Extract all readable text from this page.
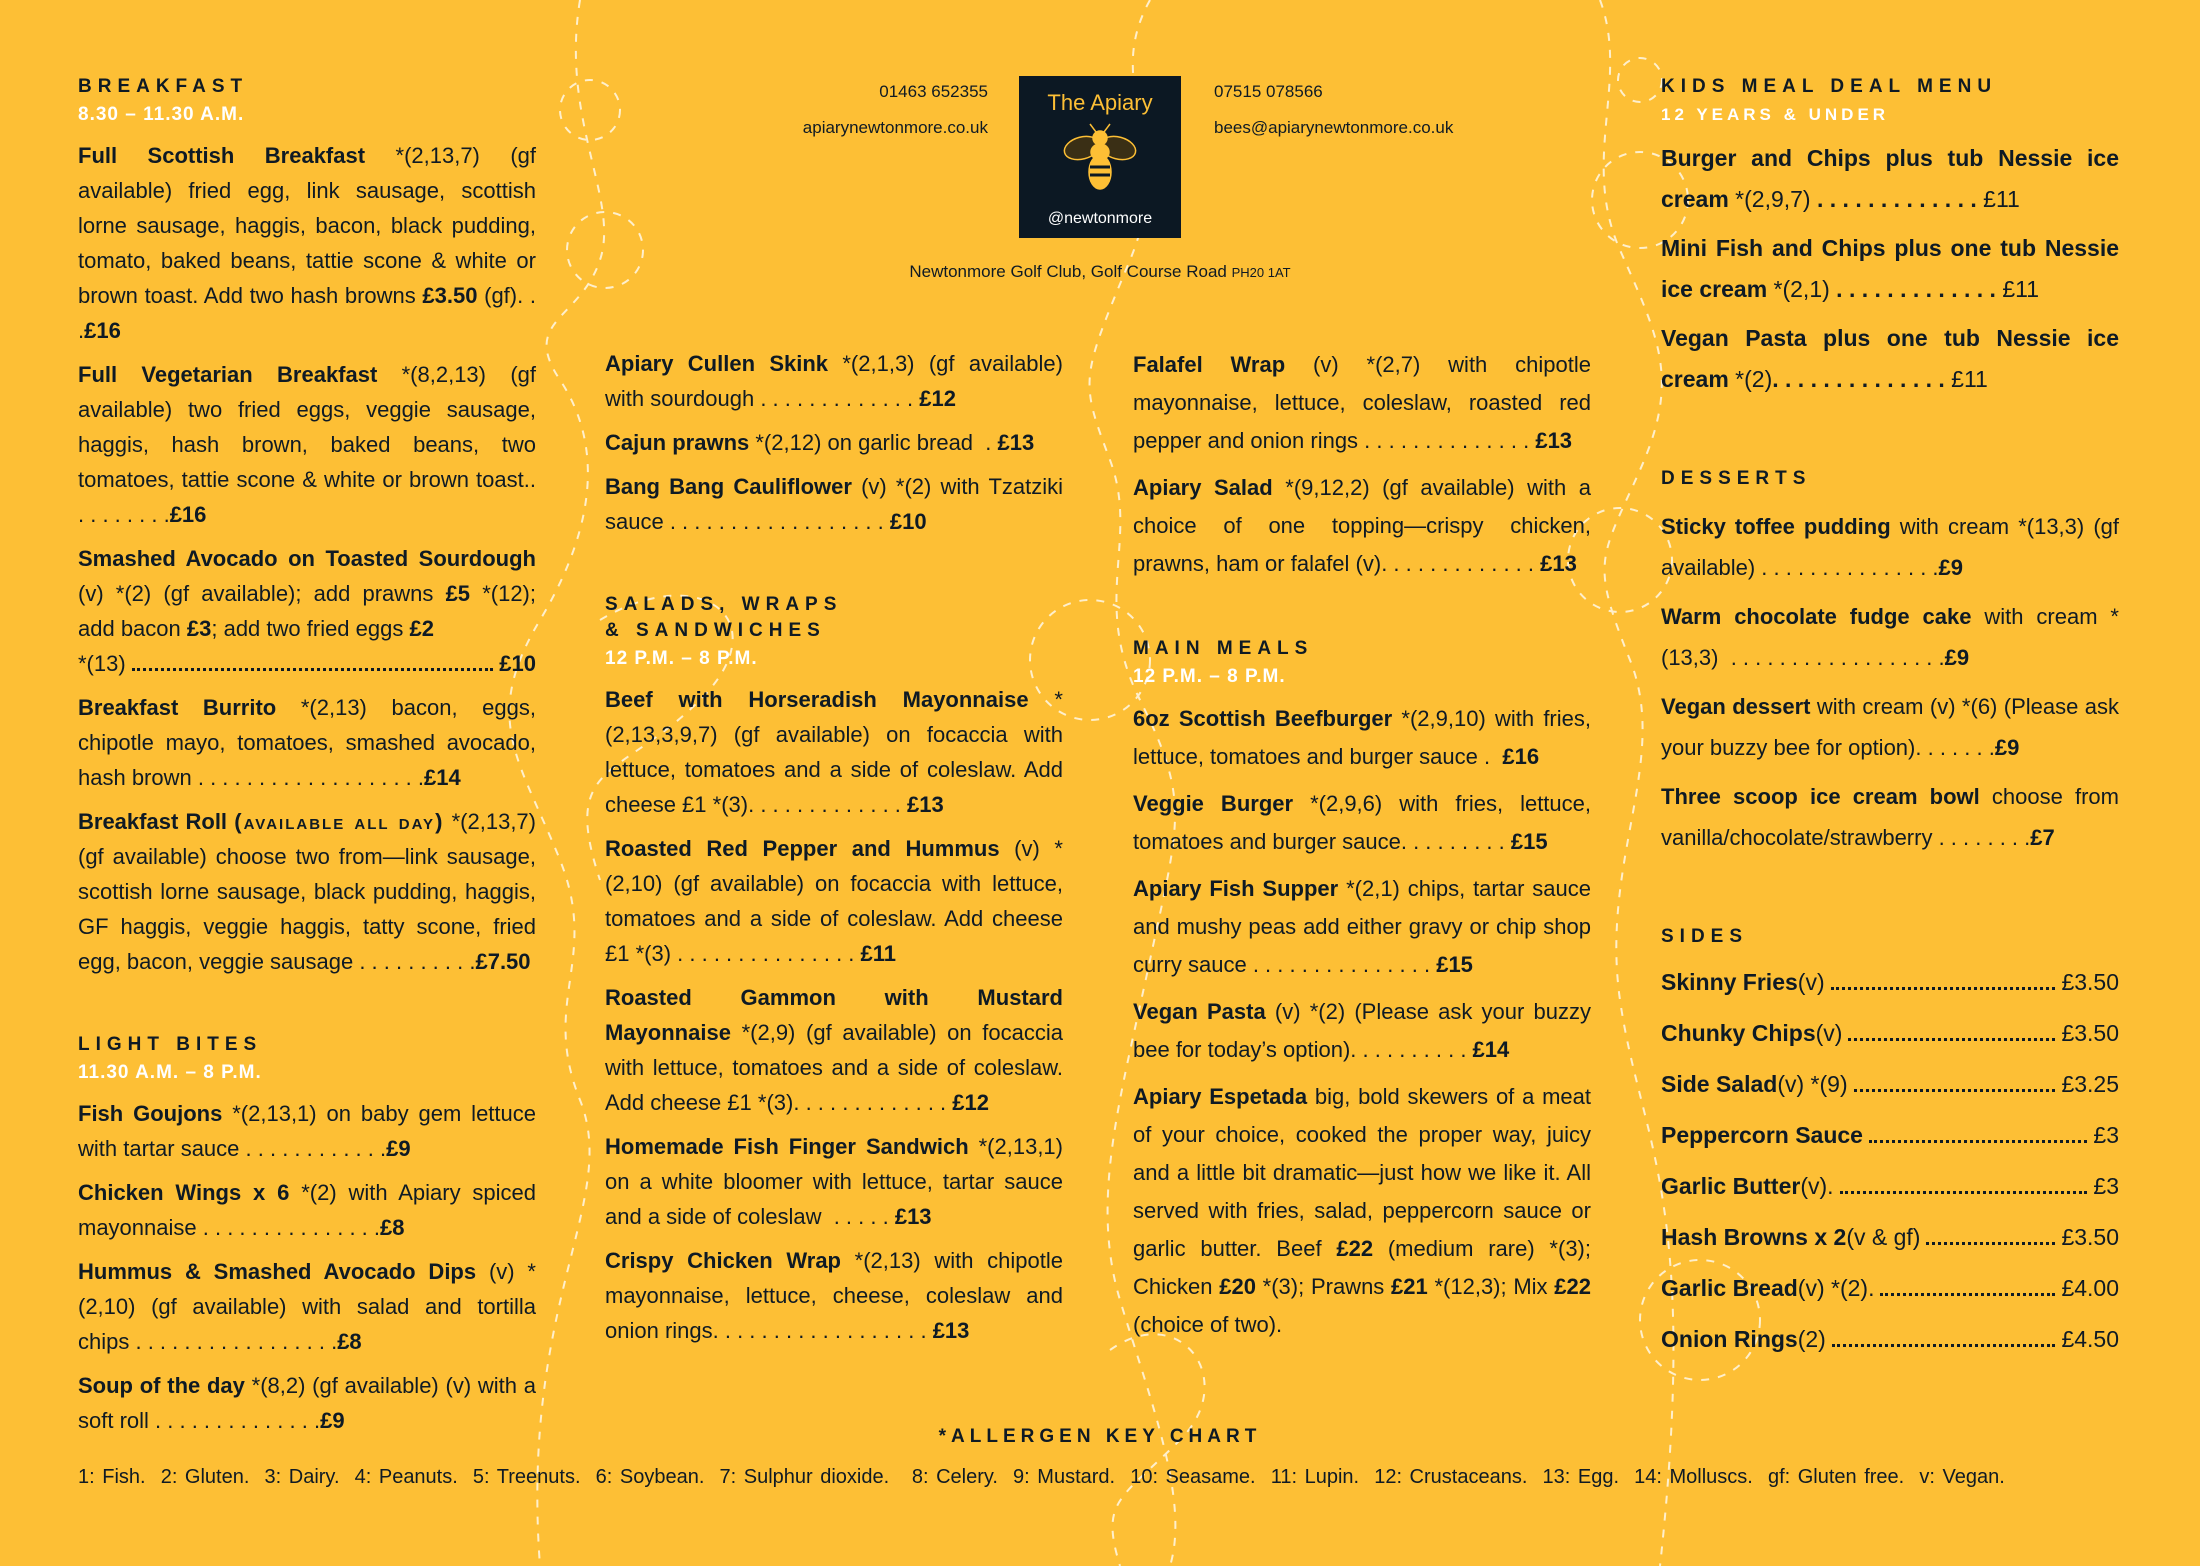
01463 652355
apiarynewtonmore.co.uk
The Apiary
@newtonmore
07515 078566
bees@apiarynewtonmore.co.uk
Newtonmore Golf Club, Golf Course Road PH20 1AT
BREAKFAST
8.30 – 11.30 A.M.
Full Scottish Breakfast *(2,13,7) (gf available) fried egg, link sausage, scottish lorne sausage, haggis, bacon, black pudding, tomato, baked beans, tattie scone & white or brown toast. Add two hash browns £3.50 (gf). . .£16
Full Vegetarian Breakfast *(8,2,13) (gf available) two fried eggs, veggie sausage, haggis, hash brown, baked beans, two tomatoes, tattie scone & white or brown toast.. . . . . . . . .£16
Smashed Avocado on Toasted Sourdough (v) *(2) (gf available); add prawns £5 *(12); add bacon £3; add two fried eggs £2
*(13)	£10
Breakfast Burrito *(2,13) bacon, eggs, chipotle mayo, tomatoes, smashed avocado, hash brown . . . . . . . . . . . . . . . . . . .£14
Breakfast Roll (available all day) *(2,13,7) (gf available) choose two from—link sausage, scottish lorne sausage, black pudding, haggis, GF haggis, veggie haggis, tatty scone, fried egg, bacon, veggie sausage . . . . . . . . . .£7.50
LIGHT BITES
11.30 A.M. – 8 P.M.
Fish Goujons *(2,13,1) on baby gem lettuce with tartar sauce . . . . . . . . . . . .£9
Chicken Wings x 6 *(2) with Apiary spiced mayonnaise . . . . . . . . . . . . . . .£8
Hummus & Smashed Avocado Dips (v) *(2,10) (gf available) with salad and tortilla chips . . . . . . . . . . . . . . . . .£8
Soup of the day *(8,2) (gf available) (v) with a soft roll . . . . . . . . . . . . . .£9
Apiary Cullen Skink *(2,1,3) (gf available) with sourdough . . . . . . . . . . . . . £12
Cajun prawns *(2,12) on garlic bread  . £13
Bang Bang Cauliflower (v) *(2) with Tzatziki sauce . . . . . . . . . . . . . . . . . . £10
SALADS, WRAPS
& SANDWICHES
12 P.M. – 8 P.M.
Beef with Horseradish Mayonnaise *(2,13,3,9,7) (gf available) on focaccia with lettuce, tomatoes and a side of coleslaw. Add cheese £1 *(3). . . . . . . . . . . . . £13
Roasted Red Pepper and Hummus (v) *(2,10) (gf available) on focaccia with lettuce, tomatoes and a side of coleslaw. Add cheese £1 *(3) . . . . . . . . . . . . . . . £11
Roasted Gammon with Mustard Mayonnaise *(2,9) (gf available) on focaccia with lettuce, tomatoes and a side of coleslaw. Add cheese £1 *(3). . . . . . . . . . . . . £12
Homemade Fish Finger Sandwich *(2,13,1) on a white bloomer with lettuce, tartar sauce and a side of coleslaw  . . . . . £13
Crispy Chicken Wrap *(2,13) with chipotle mayonnaise, lettuce, cheese, coleslaw and onion rings. . . . . . . . . . . . . . . . . . £13
Falafel Wrap (v) *(2,7) with chipotle mayonnaise, lettuce, coleslaw, roasted red pepper and onion rings . . . . . . . . . . . . . . £13
Apiary Salad *(9,12,2) (gf available) with a choice of one topping—crispy chicken, prawns, ham or falafel (v). . . . . . . . . . . . . £13
MAIN MEALS
12 P.M. – 8 P.M.
6oz Scottish Beefburger *(2,9,10) with fries, lettuce, tomatoes and burger sauce .  £16
Veggie Burger *(2,9,6) with fries, lettuce, tomatoes and burger sauce. . . . . . . . . £15
Apiary Fish Supper *(2,1) chips, tartar sauce and mushy peas add either gravy or chip shop curry sauce . . . . . . . . . . . . . . . £15
Vegan Pasta (v) *(2) (Please ask your buzzy bee for today’s option). . . . . . . . . . £14
Apiary Espetada big, bold skewers of a meat of your choice, cooked the proper way, juicy and a little bit dramatic—just how we like it. All served with fries, salad, peppercorn sauce or garlic butter. Beef £22 (medium rare) *(3); Chicken £20 *(3); Prawns £21 *(12,3); Mix £22 (choice of two).
KIDS MEAL DEAL MENU
12 YEARS & UNDER
Burger and Chips plus tub Nessie ice cream *(2,9,7) . . . . . . . . . . . . . £11
Mini Fish and Chips plus one tub Nessie ice cream *(2,1) . . . . . . . . . . . . . £11
Vegan Pasta plus one tub Nessie ice cream *(2). . . . . . . . . . . . . . £11
DESSERTS
Sticky toffee pudding with cream *(13,3) (gf available) . . . . . . . . . . . . . . .£9
Warm chocolate fudge cake with cream *(13,3)  . . . . . . . . . . . . . . . . . .£9
Vegan dessert with cream (v) *(6) (Please ask your buzzy bee for option). . . . . . .£9
Three scoop ice cream bowl choose from vanilla/chocolate/strawberry . . . . . . . .£7
SIDES
Skinny Fries (v)	£3.50
Chunky Chips (v)	£3.50
Side Salad (v) *(9)	£3.25
Peppercorn Sauce	£3
Garlic Butter (v).	£3
Hash Browns x 2 (v & gf)	£3.50
Garlic Bread (v) *(2).	£4.00
Onion Rings (2)	£4.50
*ALLERGEN KEY CHART
1: Fish.  2: Gluten.  3: Dairy.  4: Peanuts.  5: Treenuts.  6: Soybean.  7: Sulphur dioxide.   8: Celery.  9: Mustard.  10: Seasame.  11: Lupin.  12: Crustaceans.  13: Egg.  14: Molluscs.  gf: Gluten free.  v: Vegan.
